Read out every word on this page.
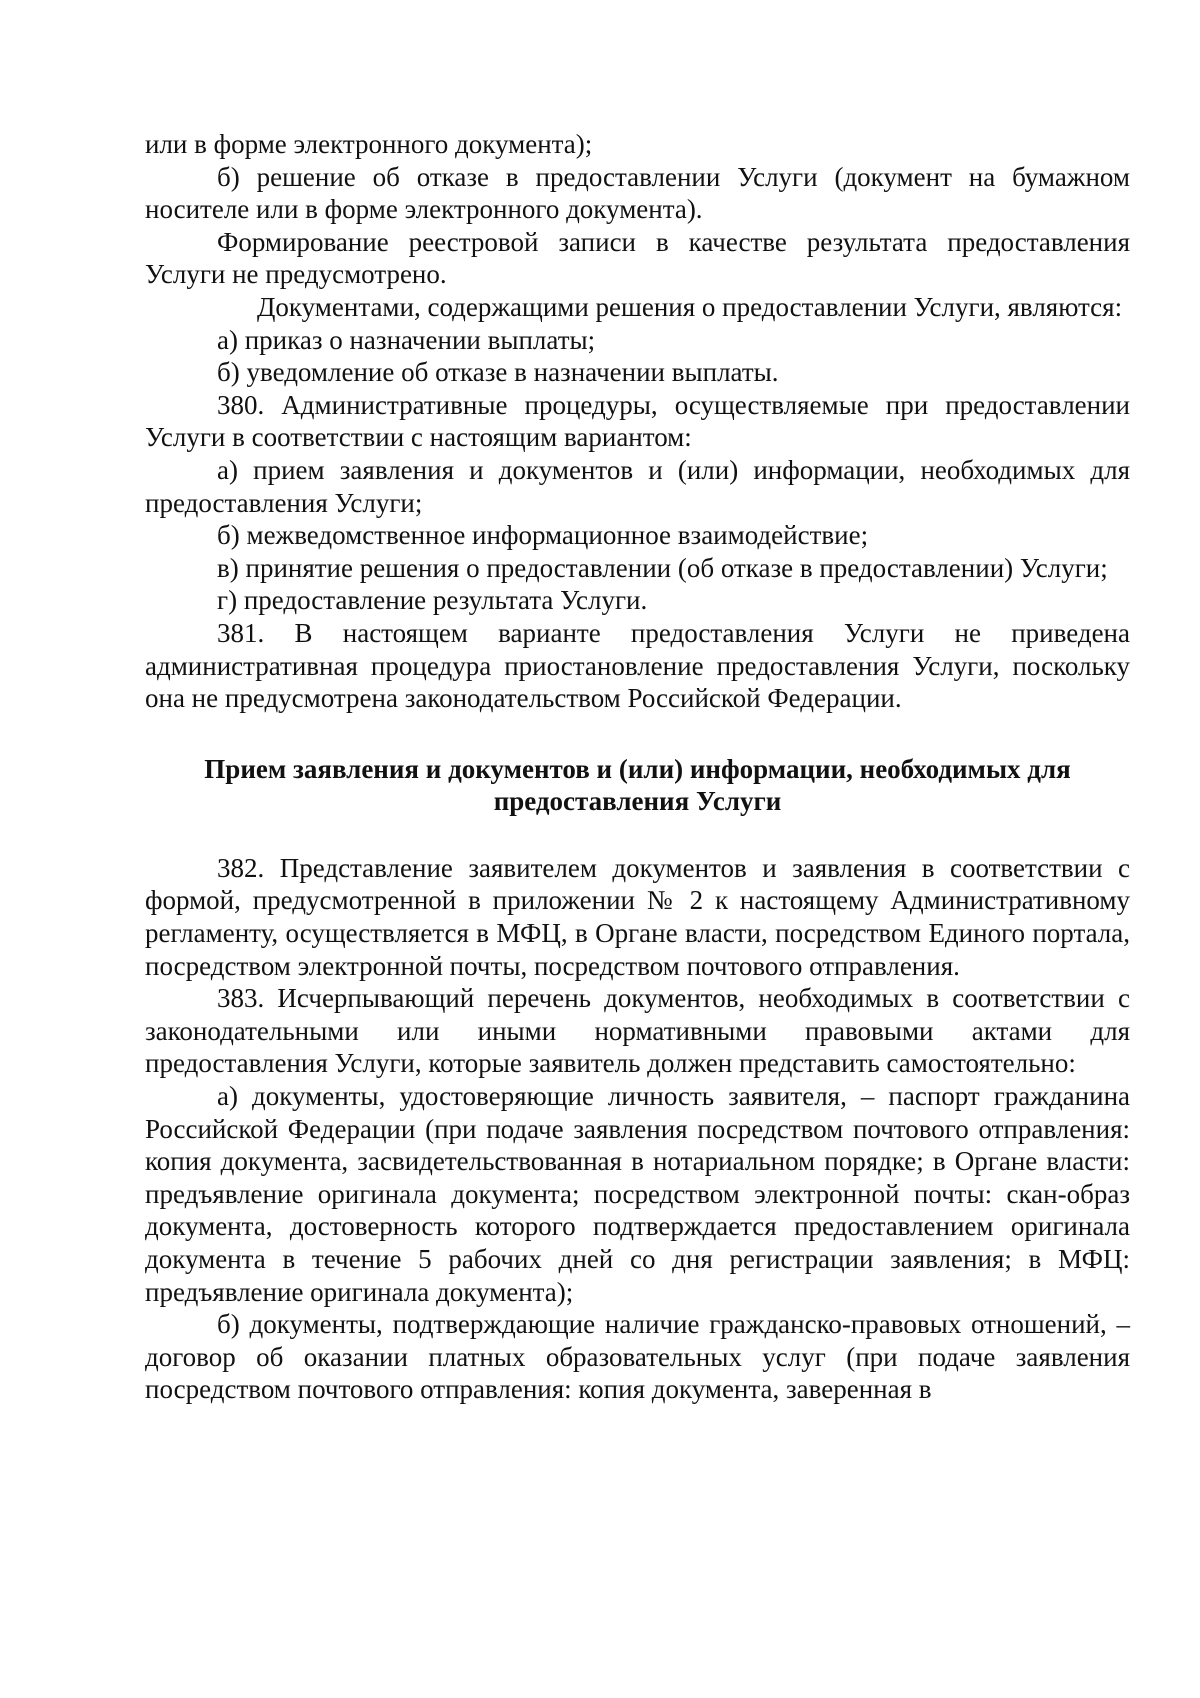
или в форме электронного документа);

б) решение об отказе в предоставлении Услуги (документ на бумажном носителе или в форме электронного документа).

Формирование реестровой записи в качестве результата предоставления Услуги не предусмотрено.

Документами, содержащими решения о предоставлении Услуги, являются:

а) приказ о назначении выплаты;

б) уведомление об отказе в назначении выплаты.

380. Административные процедуры, осуществляемые при предоставлении Услуги в соответствии с настоящим вариантом:

а) прием заявления и документов и (или) информации, необходимых для предоставления Услуги;

б) межведомственное информационное взаимодействие;

в) принятие решения о предоставлении (об отказе в предоставлении) Услуги;

г) предоставление результата Услуги.

381. В настоящем варианте предоставления Услуги не приведена административная процедура приостановление предоставления Услуги, поскольку она не предусмотрена законодательством Российской Федерации.

Прием заявления и документов и (или) информации, необходимых для предоставления Услуги

382. Представление заявителем документов и заявления в соответствии с формой, предусмотренной в приложении № 2 к настоящему Административному регламенту, осуществляется в МФЦ, в Органе власти, посредством Единого портала, посредством электронной почты, посредством почтового отправления.

383. Исчерпывающий перечень документов, необходимых в соответствии с законодательными или иными нормативными правовыми актами для предоставления Услуги, которые заявитель должен представить самостоятельно:

а) документы, удостоверяющие личность заявителя, – паспорт гражданина Российской Федерации (при подаче заявления посредством почтового отправления: копия документа, засвидетельствованная в нотариальном порядке; в Органе власти: предъявление оригинала документа; посредством электронной почты: скан-образ документа, достоверность которого подтверждается предоставлением оригинала документа в течение 5 рабочих дней со дня регистрации заявления; в МФЦ: предъявление оригинала документа);

б) документы, подтверждающие наличие гражданско-правовых отношений, – договор об оказании платных образовательных услуг (при подаче заявления посредством почтового отправления: копия документа, заверенная в
